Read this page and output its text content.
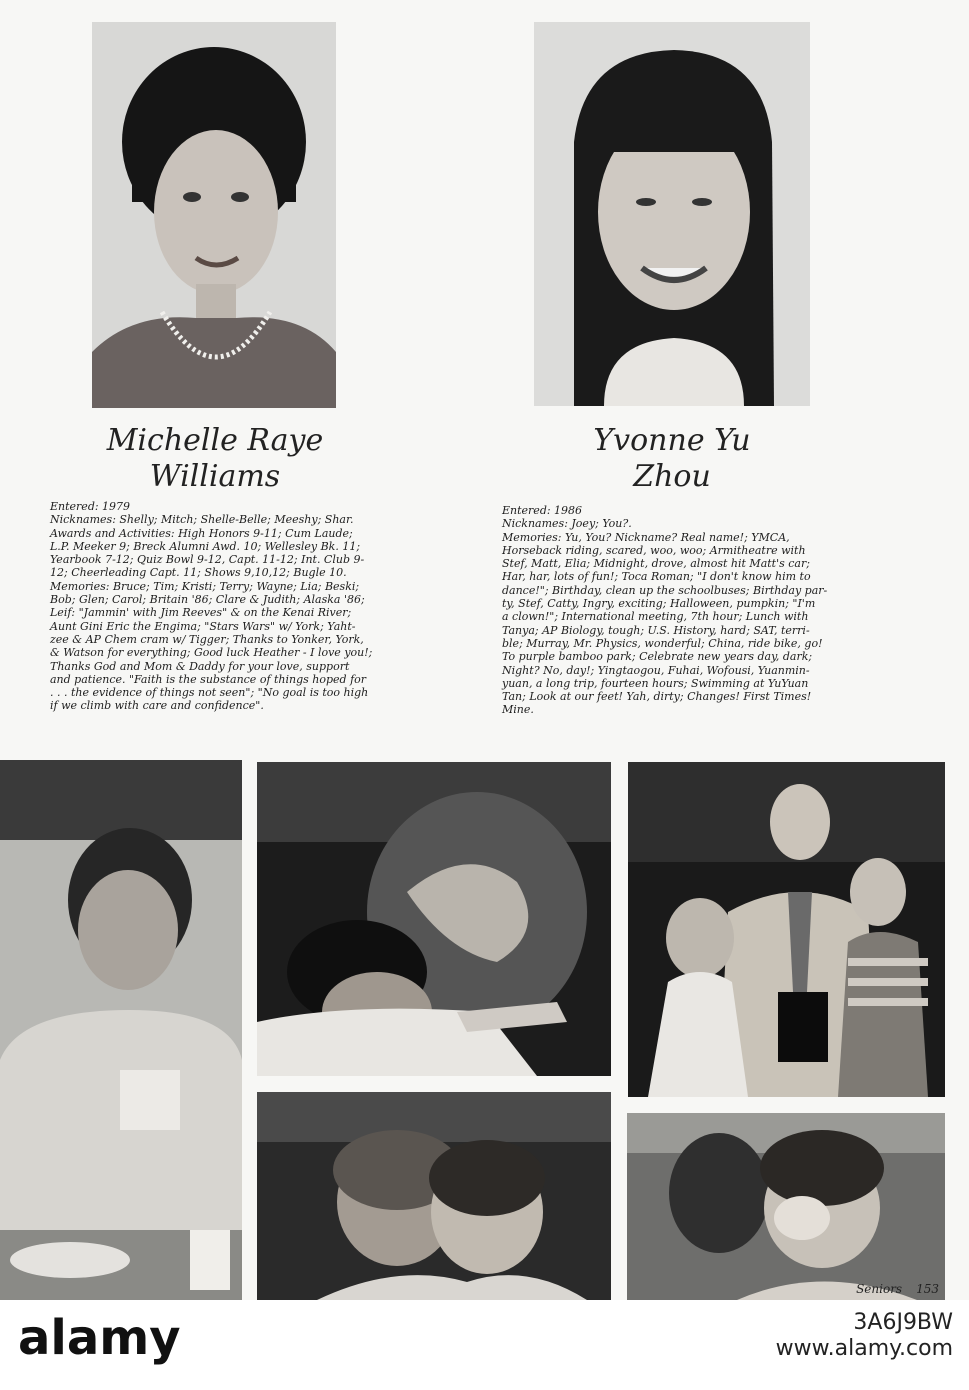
Michelle Raye
Williams
Yvonne Yu
Zhou

Entered: 1979

Nicknames: Shelly; Mitch; Shelle-Belle; Meeshy; Shar.

Awards and Activities: High Honors 9-11; Cum Laude;

L.P. Meeker 9; Breck Alumni Awd. 10; Wellesley Bk. 11;

Yearbook 7-12; Quiz Bowl 9-12, Capt. 11-12; Int. Club 9-

12; Cheerleading Capt. 11; Shows 9,10,12; Bugle 10.

Memories: Bruce; Tim; Kristi; Terry; Wayne; Lia; Beski;

Bob; Glen; Carol; Britain '86; Clare & Judith; Alaska '86;

Leif: "Jammin' with Jim Reeves" & on the Kenai River;

Aunt Gini Eric the Engima; "Stars Wars" w/ York; Yaht-

zee & AP Chem cram w/ Tigger; Thanks to Yonker, York,

& Watson for everything; Good luck Heather - I love you!;

Thanks God and Mom & Daddy for your love, support

and patience. "Faith is the substance of things hoped for

. . . the evidence of things not seen"; "No goal is too high

if we climb with care and confidence".

Entered: 1986

Nicknames: Joey; You?.

Memories: Yu, You? Nickname? Real name!; YMCA,

Horseback riding, scared, woo, woo; Armitheatre with

Stef, Matt, Elia; Midnight, drove, almost hit Matt's car;

Har, har, lots of fun!; Toca Roman; "I don't know him to

dance!"; Birthday, clean up the schoolbuses; Birthday par-

ty, Stef, Catty, Ingry, exciting; Halloween, pumpkin; "I'm

a clown!"; International meeting, 7th hour; Lunch with

Tanya; AP Biology, tough; U.S. History, hard; SAT, terri-

ble; Murray, Mr. Physics, wonderful; China, ride bike, go!

To purple bamboo park; Celebrate new years day, dark;

Night? No, day!; Yingtaogou, Fuhai, Wofousi, Yuanmin-

yuan, a long trip, fourteen hours; Swimming at YuYuan

Tan; Look at our feet! Yah, dirty; Changes! First Times!

Mine.

Seniors 153
alamy	3A6J9BW
www.alamy.com
